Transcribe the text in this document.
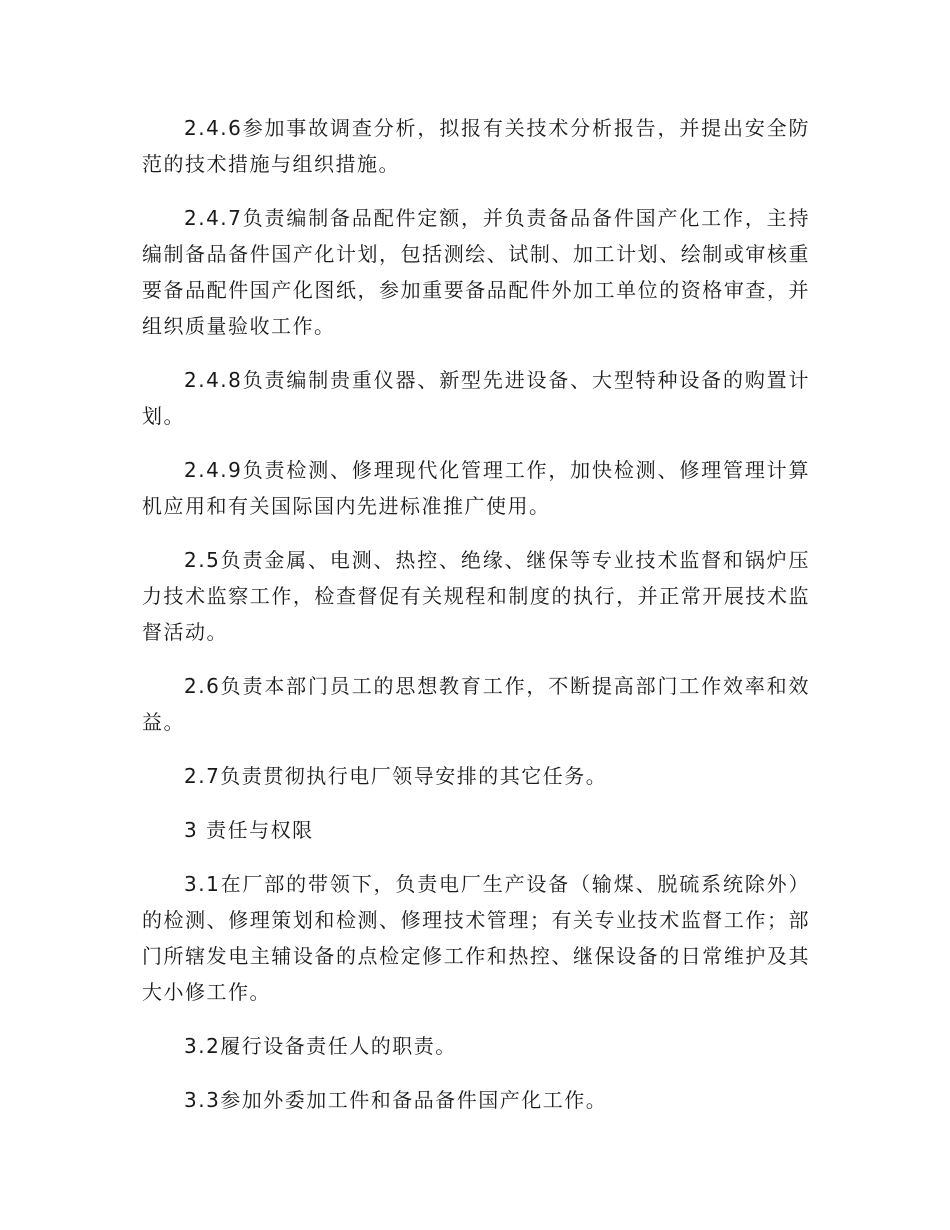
2.4.6参加事故调查分析，拟报有关技术分析报告，并提出安全防范的技术措施与组织措施。

2.4.7负责编制备品配件定额，并负责备品备件国产化工作，主持编制备品备件国产化计划，包括测绘、试制、加工计划、绘制或审核重要备品配件国产化图纸，参加重要备品配件外加工单位的资格审查，并组织质量验收工作。

2.4.8负责编制贵重仪器、新型先进设备、大型特种设备的购置计划。

2.4.9负责检测、修理现代化管理工作，加快检测、修理管理计算机应用和有关国际国内先进标准推广使用。

2.5负责金属、电测、热控、绝缘、继保等专业技术监督和锅炉压力技术监察工作，检查督促有关规程和制度的执行，并正常开展技术监督活动。

2.6负责本部门员工的思想教育工作，不断提高部门工作效率和效益。

2.7负责贯彻执行电厂领导安排的其它任务。

3 责任与权限

3.1在厂部的带领下，负责电厂生产设备（输煤、脱硫系统除外）的检测、修理策划和检测、修理技术管理；有关专业技术监督工作；部门所辖发电主辅设备的点检定修工作和热控、继保设备的日常维护及其大小修工作。

3.2履行设备责任人的职责。

3.3参加外委加工件和备品备件国产化工作。
